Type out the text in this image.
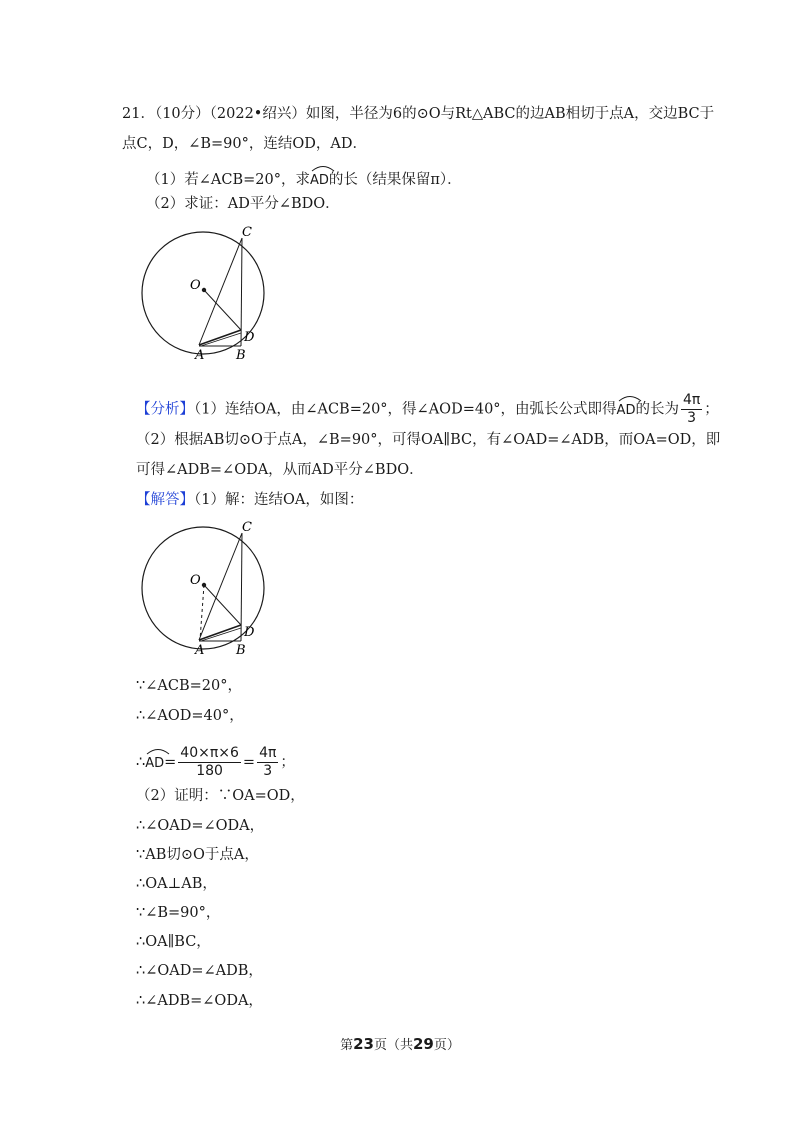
21．（10分）（2022•绍兴）如图，半径为6的⊙O与Rt△ABC的边AB相切于点A，交边BC于
点C，D，∠B=90°，连结OD，AD．
（1）若∠ACB=20°，求
AD的长（结果保留π）．
（2）求证：AD平分∠BDO．
C
O
D
A B
【分析】（1）连结OA，由∠ACB=20°，得∠AOD=40°，由弧长公式即得
AD的长为 $\frac{4\pi}{3}$ ；
（2）根据AB切⊙O于点A，∠B=90°，可得OA∥BC，有∠OAD=∠ADB，而OA=OD，即
可得∠ADB=∠ODA，从而AD平分∠BDO．
【解答】（1）解：连结OA，如图：
C
O
D
A B
∵∠ACB=20°，
∴∠AOD=40°，
∴
$AD= \frac{40\times\pi\times 6}{180} = \frac{4\pi}{3}$ ；
（2）证明：∵OA=OD，
∴∠OAD=∠ODA，
∵AB切⊙O于点A，
∴OA⊥AB，
∵∠B=90°，
∴OA∥BC，
∴∠OAD=∠ADB，
∴∠ADB=∠ODA，
第23页（共29页）
